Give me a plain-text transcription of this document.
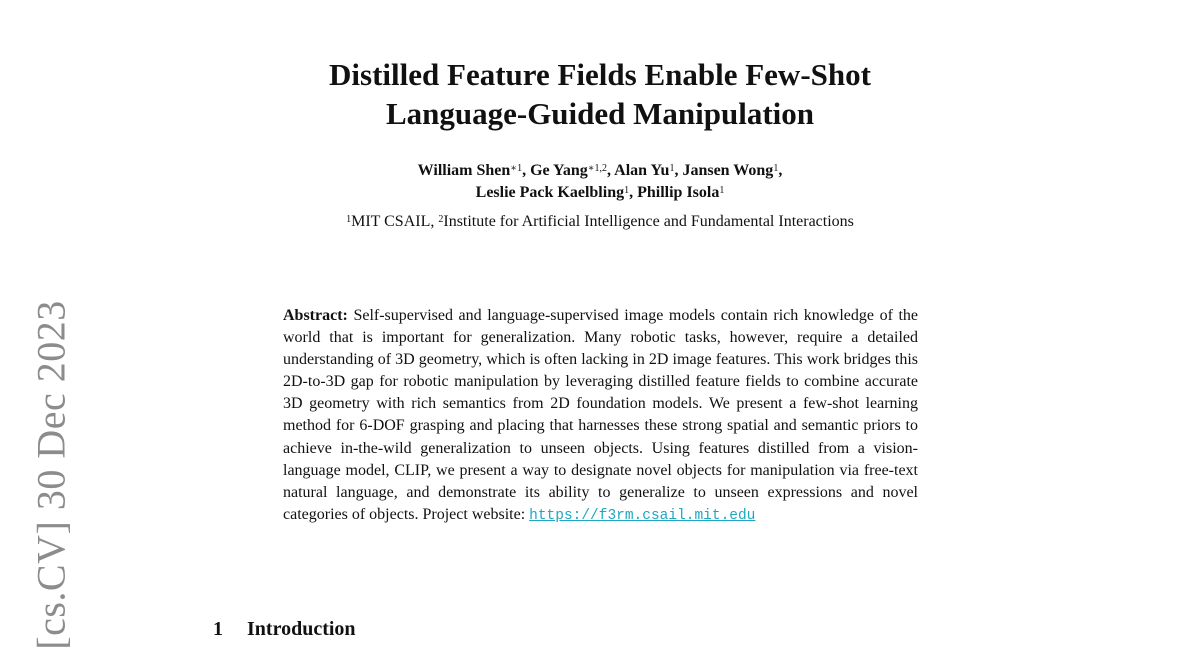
[cs.CV] 30 Dec 2023
Distilled Feature Fields Enable Few-Shot
Language-Guided Manipulation
William Shen$^{∗1}$, Ge Yang$^{∗1,2}$, Alan Yu$^1$, Jansen Wong$^1$,
Leslie Pack Kaelbling$^1$, Phillip Isola$^1$
$^1$MIT CSAIL, $^2$Institute for Artificial Intelligence and Fundamental Interactions

Abstract: Self-supervised and language-supervised image models contain rich knowledge of the world that is important for generalization. Many robotic tasks, however, require a detailed understanding of 3D geometry, which is often lacking in 2D image features. This work bridges this 2D-to-3D gap for robotic manipulation by leveraging distilled feature fields to combine accurate 3D geometry with rich semantics from 2D foundation models. We present a few-shot learning method for 6-DOF grasping and placing that harnesses these strong spatial and semantic priors to achieve in-the-wild generalization to unseen objects. Using features distilled from a vision-language model, CLIP, we present a way to designate novel objects for manipulation via free-text natural language, and demonstrate its ability to generalize to unseen expressions and novel categories of objects. Project website: https://f3rm.csail.mit.edu

1 Introduction
